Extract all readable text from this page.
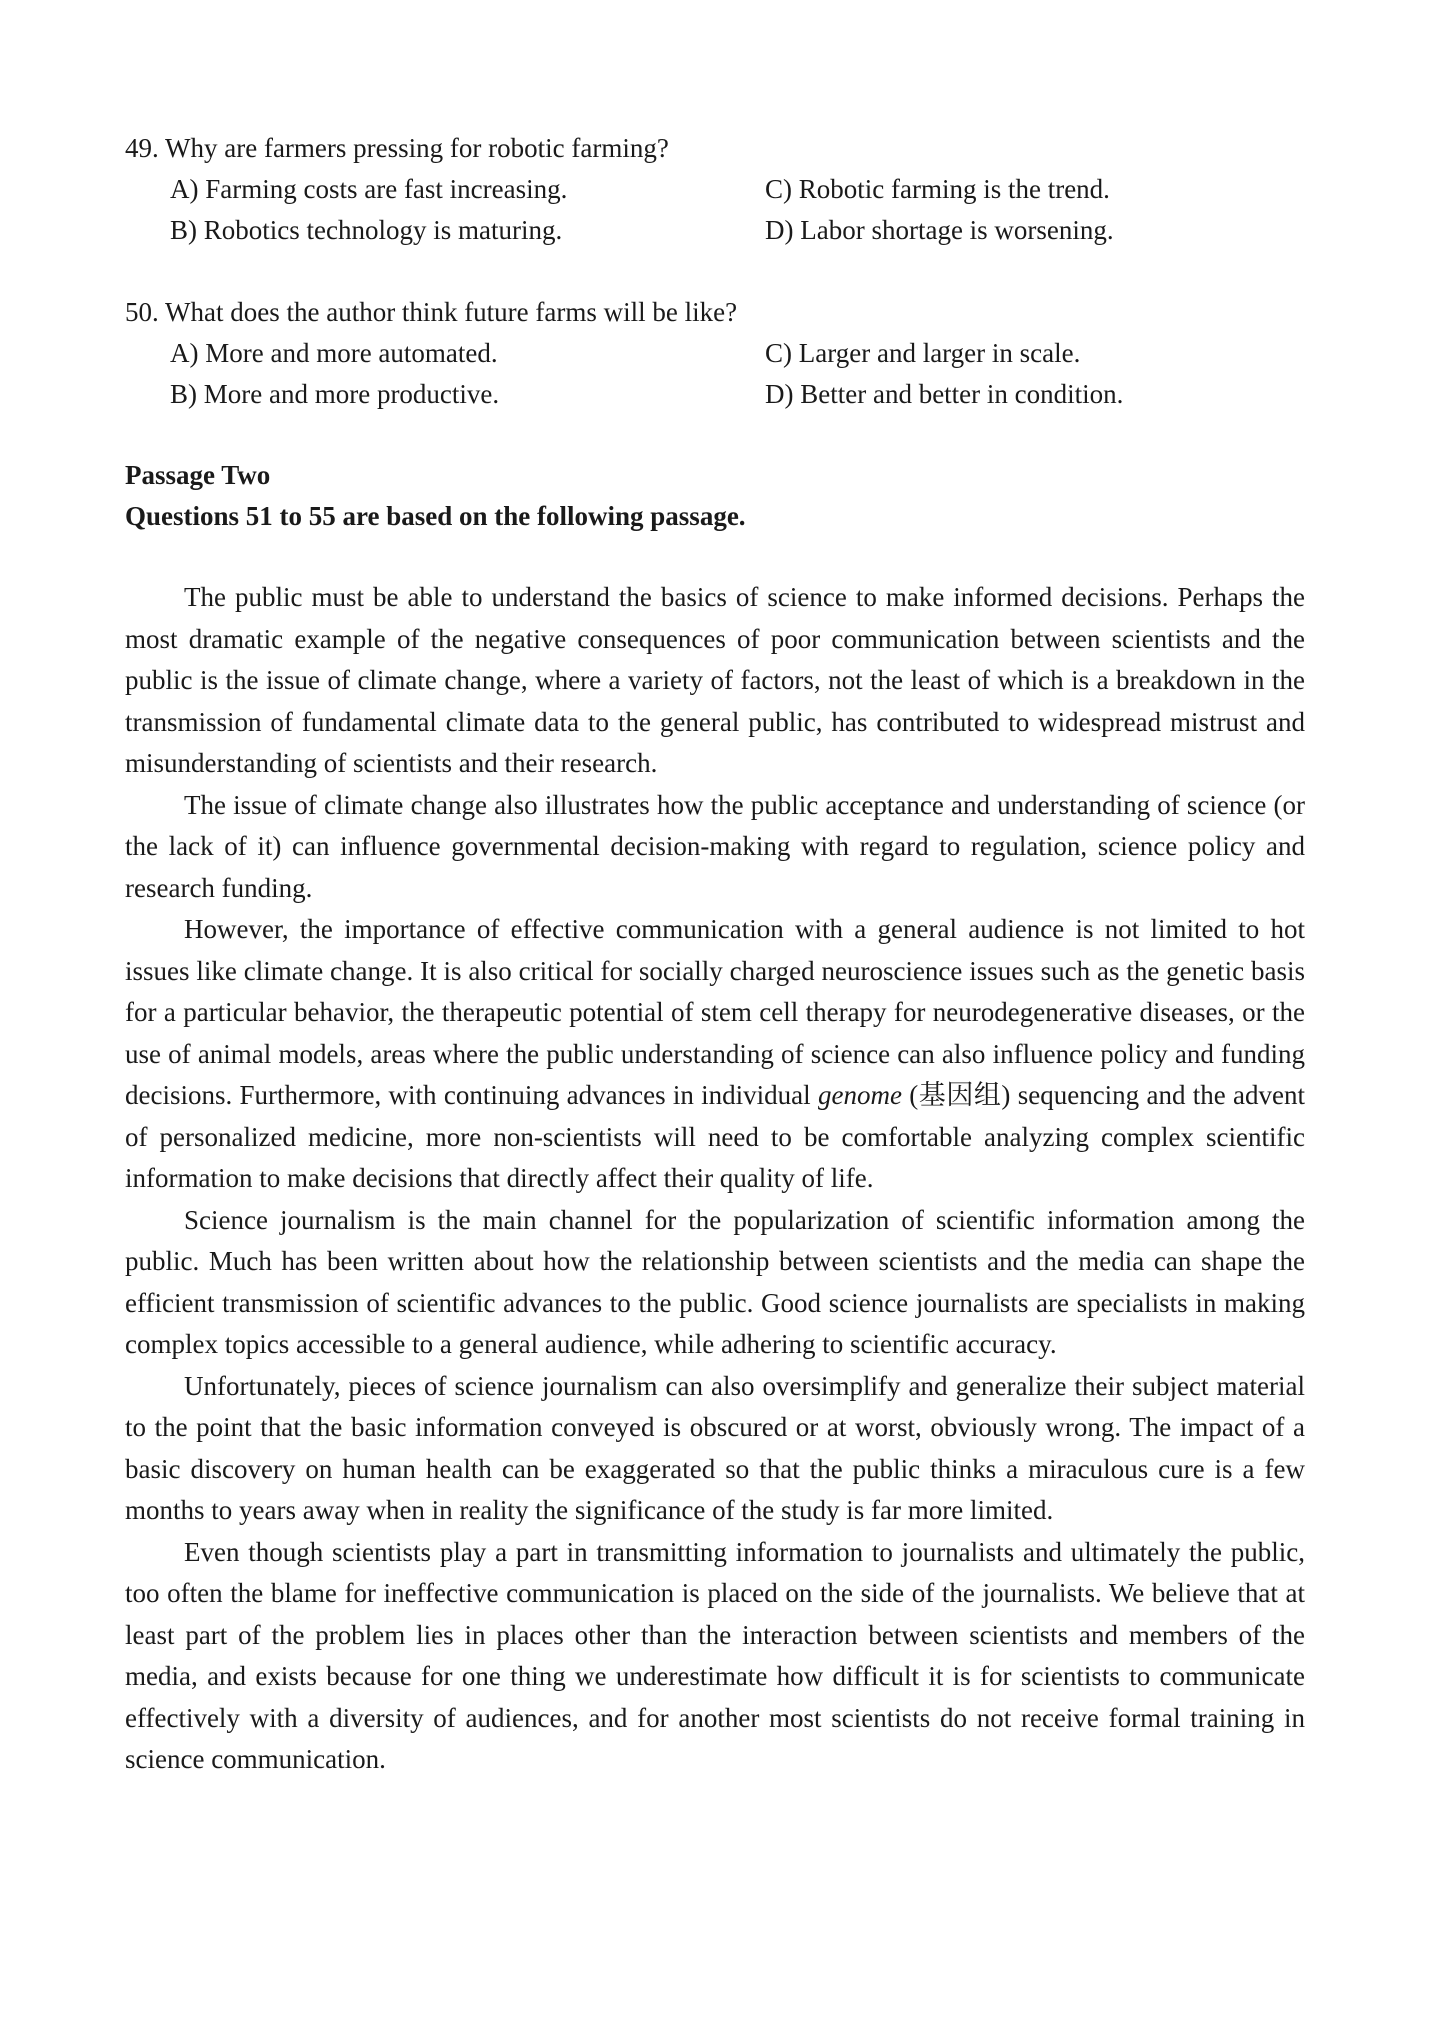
49. Why are farmers pressing for robotic farming?

A) Farming costs are fast increasing.	C) Robotic farming is the trend.
B) Robotics technology is maturing.	D) Labor shortage is worsening.

50. What does the author think future farms will be like?

A) More and more automated.	C) Larger and larger in scale.
B) More and more productive.	D) Better and better in condition.
Passage Two
Questions 51 to 55 are based on the following passage.

The public must be able to understand the basics of science to make informed decisions. Perhaps the most dramatic example of the negative consequences of poor communication between scientists and the public is the issue of climate change, where a variety of factors, not the least of which is a breakdown in the transmission of fundamental climate data to the general public, has contributed to widespread mistrust and misunderstanding of scientists and their research.

The issue of climate change also illustrates how the public acceptance and understanding of science (or the lack of it) can influence governmental decision-making with regard to regulation, science policy and research funding.

However, the importance of effective communication with a general audience is not limited to hot issues like climate change. It is also critical for socially charged neuroscience issues such as the genetic basis for a particular behavior, the therapeutic potential of stem cell therapy for neurodegenerative diseases, or the use of animal models, areas where the public understanding of science can also influence policy and funding decisions. Furthermore, with continuing advances in individual genome (基因组) sequencing and the advent of personalized medicine, more non-scientists will need to be comfortable analyzing complex scientific information to make decisions that directly affect their quality of life.

Science journalism is the main channel for the popularization of scientific information among the public. Much has been written about how the relationship between scientists and the media can shape the efficient transmission of scientific advances to the public. Good science journalists are specialists in making complex topics accessible to a general audience, while adhering to scientific accuracy.

Unfortunately, pieces of science journalism can also oversimplify and generalize their subject material to the point that the basic information conveyed is obscured or at worst, obviously wrong. The impact of a basic discovery on human health can be exaggerated so that the public thinks a miraculous cure is a few months to years away when in reality the significance of the study is far more limited.

Even though scientists play a part in transmitting information to journalists and ultimately the public, too often the blame for ineffective communication is placed on the side of the journalists. We believe that at least part of the problem lies in places other than the interaction between scientists and members of the media, and exists because for one thing we underestimate how difficult it is for scientists to communicate effectively with a diversity of audiences, and for another most scientists do not receive formal training in science communication.
